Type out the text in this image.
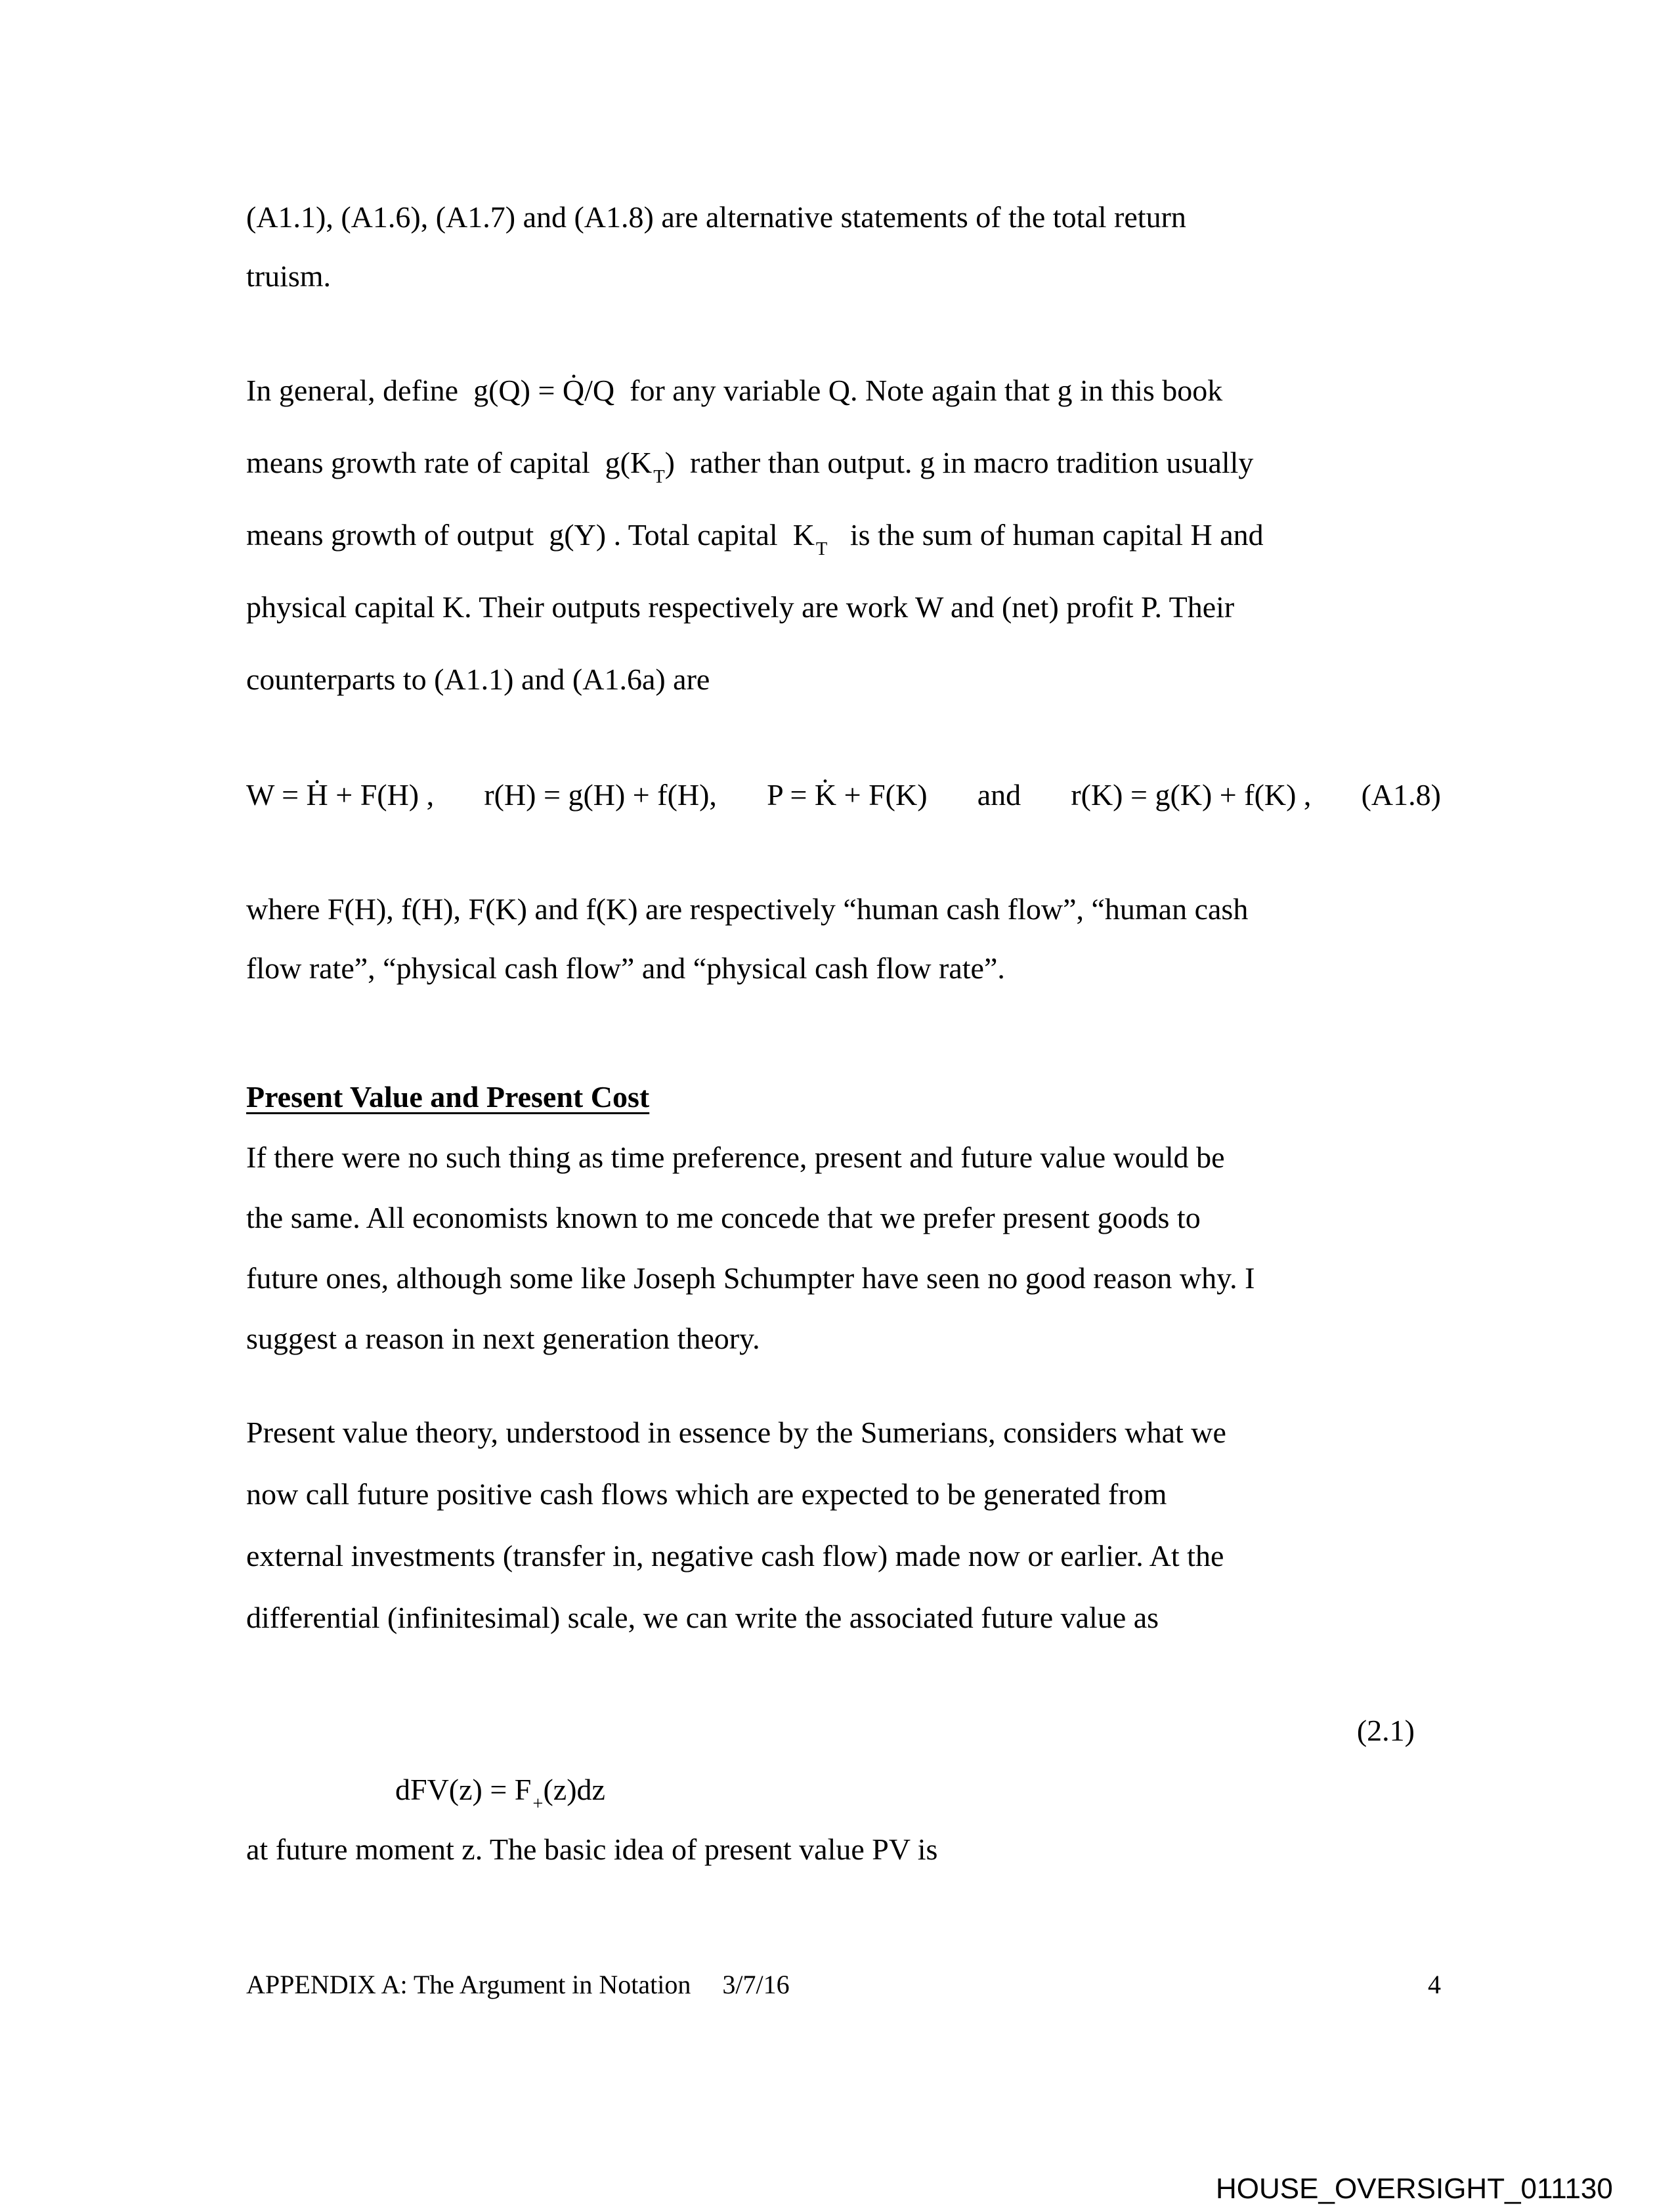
(A1.1), (A1.6), (A1.7) and (A1.8) are alternative statements of the total return
truism.
In general, define  g(Q) = Q̇/Q  for any variable Q. Note again that g in this book
means growth rate of capital  $g(K_T)$  rather than output. g in macro tradition usually
means growth of output  g(Y) . Total capital  $K_T$   is the sum of human capital H and
physical capital K. Their outputs respectively are work W and (net) profit P. Their
counterparts to (A1.1) and (A1.6a) are
W = Ḣ + F(H) , r(H) = g(H) + f(H), P = K̇ + F(K) and r(K) = g(K) + f(K) , (A1.8)
where F(H), f(H), F(K) and f(K) are respectively “human cash flow”, “human cash
flow rate”, “physical cash flow” and “physical cash flow rate”.
Present Value and Present Cost
If there were no such thing as time preference, present and future value would be
the same. All economists known to me concede that we prefer present goods to
future ones, although some like Joseph Schumpter have seen no good reason why. I
suggest a reason in next generation theory.
Present value theory, understood in essence by the Sumerians, considers what we
now call future positive cash flows which are expected to be generated from
external investments (transfer in, negative cash flow) made now or earlier. At the
differential (infinitesimal) scale, we can write the associated future value as

$dFV(z) = F_+(z)dz$

(2.1)
at future moment z. The basic idea of present value PV is
APPENDIX A: The Argument in Notation 3/7/16	4
HOUSE_OVERSIGHT_011130
